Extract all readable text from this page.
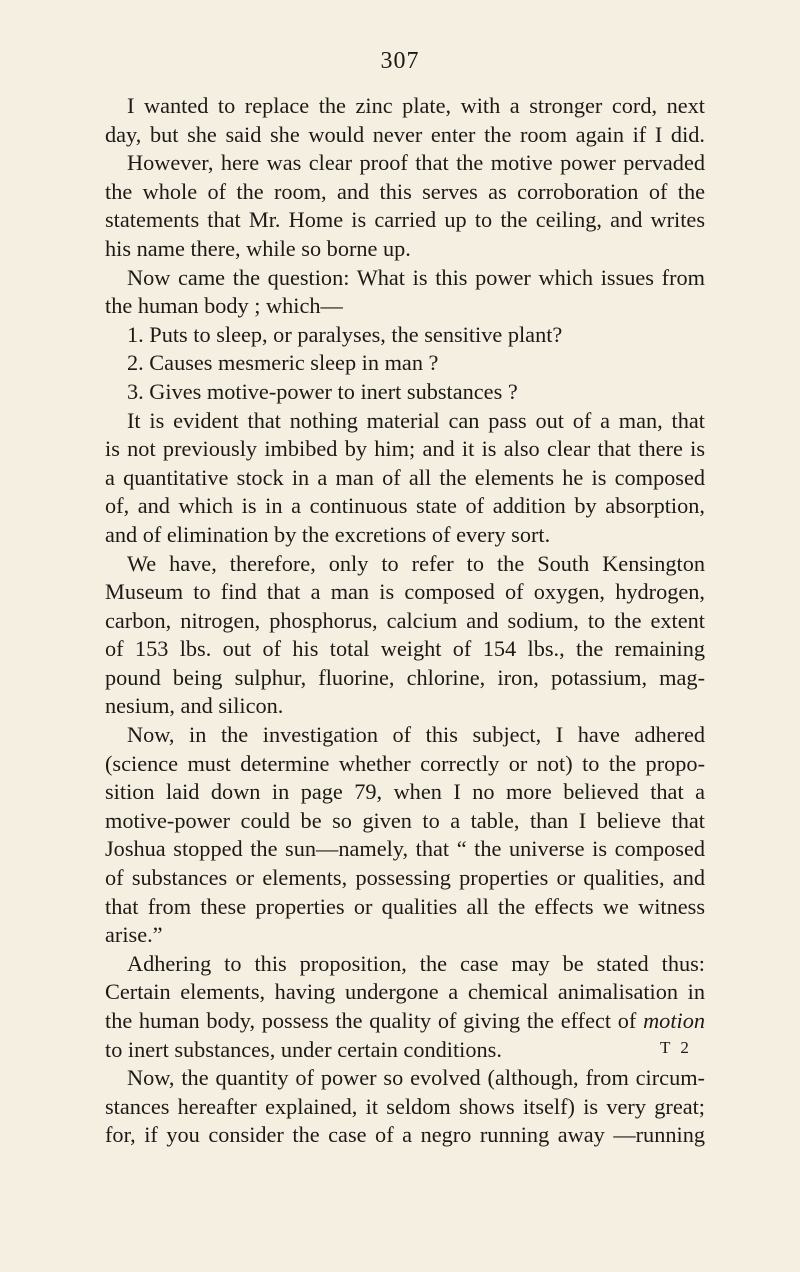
307
I wanted to replace the zinc plate, with a stronger cord, next
day, but she said she would never enter the room again if I did.
However, here was clear proof that the motive power pervaded
the whole of the room, and this serves as corroboration of the
statements that Mr. Home is carried up to the ceiling, and writes
his name there, while so borne up.
Now came the question: What is this power which issues from
the human body ; which—
1. Puts to sleep, or paralyses, the sensitive plant?
2. Causes mesmeric sleep in man ?
3. Gives motive-power to inert substances ?
It is evident that nothing material can pass out of a man, that
is not previously imbibed by him; and it is also clear that there is
a quantitative stock in a man of all the elements he is composed
of, and which is in a continuous state of addition by absorption,
and of elimination by the excretions of every sort.
We have, therefore, only to refer to the South Kensington
Museum to find that a man is composed of oxygen, hydrogen,
carbon, nitrogen, phosphorus, calcium and sodium, to the extent
of 153 lbs. out of his total weight of 154 lbs., the remaining
pound being sulphur, fluorine, chlorine, iron, potassium, mag-
nesium, and silicon.
Now, in the investigation of this subject, I have adhered
(science must determine whether correctly or not) to the propo-
sition laid down in page 79, when I no more believed that a
motive-power could be so given to a table, than I believe that
Joshua stopped the sun—namely, that “ the universe is composed
of substances or elements, possessing properties or qualities, and
that from these properties or qualities all the effects we witness
arise.”
Adhering to this proposition, the case may be stated thus:
Certain elements, having undergone a chemical animalisation in
the human body, possess the quality of giving the effect of motion
to inert substances, under certain conditions.
Now, the quantity of power so evolved (although, from circum-
stances hereafter explained, it seldom shows itself) is very great;
for, if you consider the case of a negro running away —running
T 2
